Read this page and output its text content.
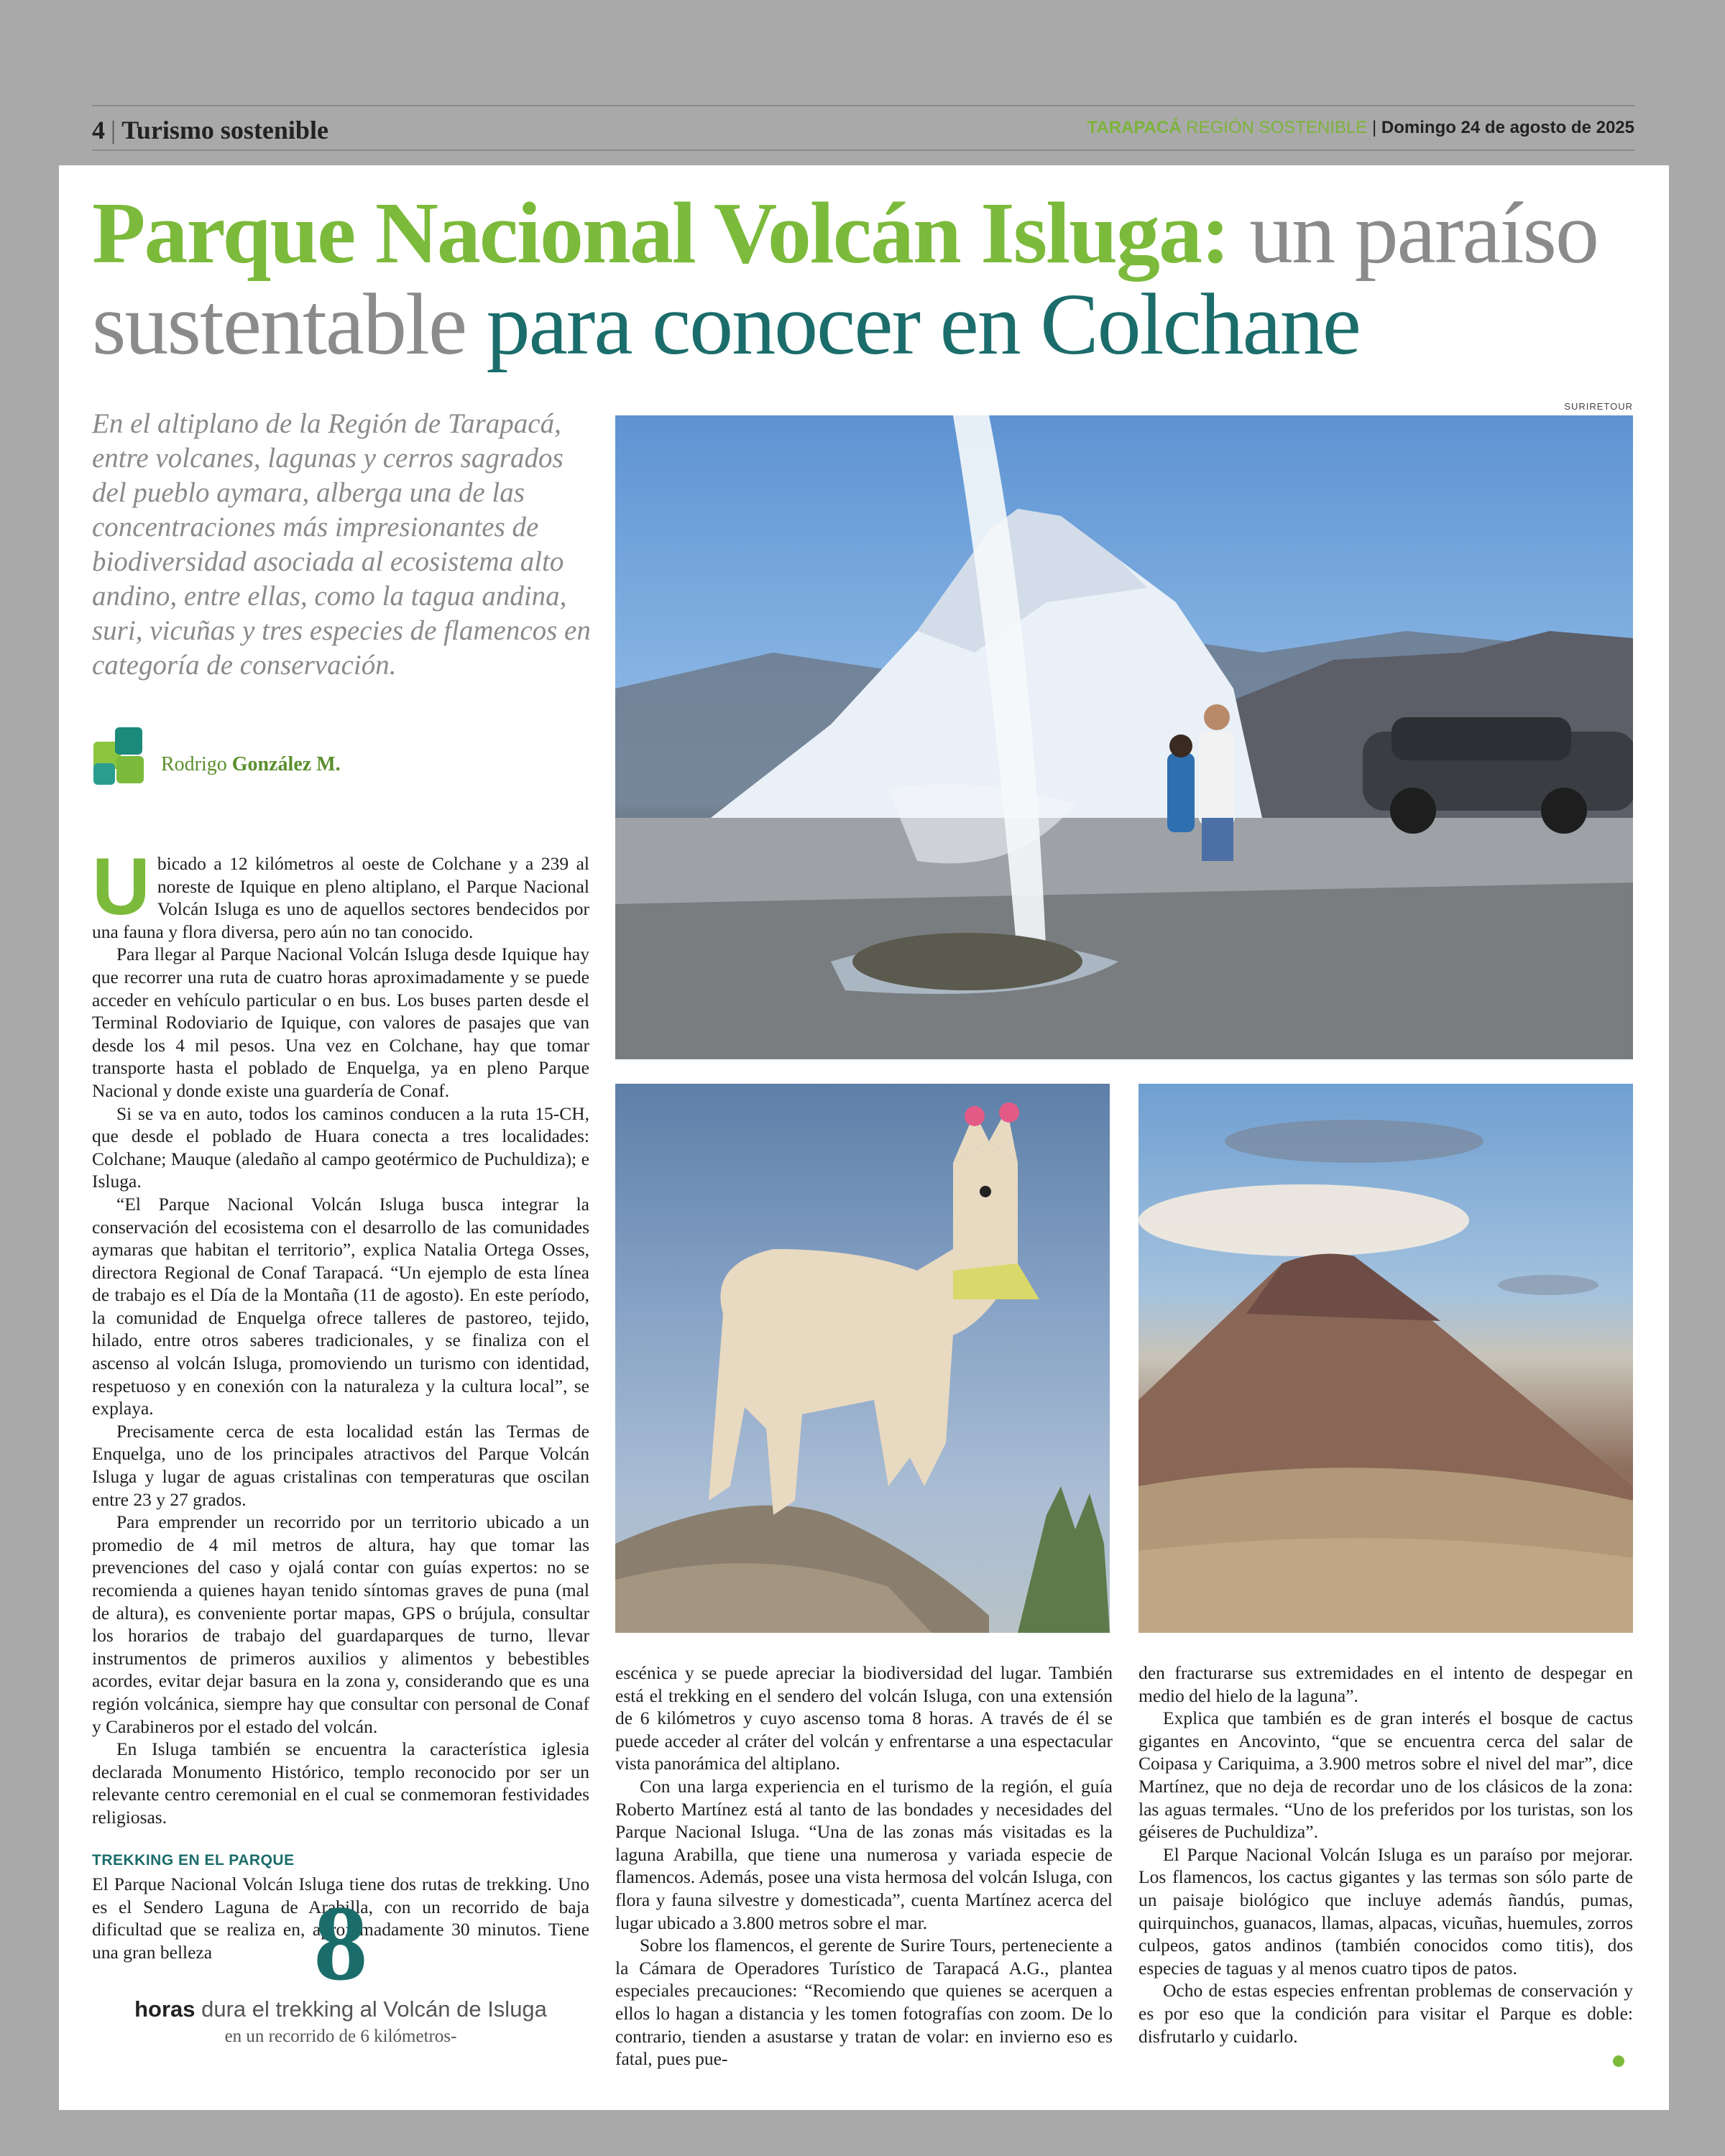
4 | Turismo sostenible	TARAPACÁ REGIÓN SOSTENIBLE | Domingo 24 de agosto de 2025
Parque Nacional Volcán Isluga: un paraíso sustentable para conocer en Colchane
En el altiplano de la Región de Tarapacá, entre volcanes, lagunas y cerros sagrados del pueblo aymara, alberga una de las concentraciones más impresionantes de biodiversidad asociada al ecosistema alto andino, entre ellas, como la tagua andina, suri, vicuñas y tres especies de flamencos en categoría de conservación.
Rodrigo González M.
SURIRETOUR

Ubicado a 12 kilómetros al oeste de Colchane y a 239 al noreste de Iquique en pleno altiplano, el Parque Nacional Volcán Isluga es uno de aquellos sectores bendecidos por una fauna y flora diversa, pero aún no tan conocido.

Para llegar al Parque Nacional Volcán Isluga desde Iquique hay que recorrer una ruta de cuatro horas aproximadamente y se puede acceder en vehículo particular o en bus. Los buses parten desde el Terminal Rodoviario de Iquique, con valores de pasajes que van desde los 4 mil pesos. Una vez en Colchane, hay que tomar transporte hasta el poblado de Enquelga, ya en pleno Parque Nacional y donde existe una guardería de Conaf.

Si se va en auto, todos los caminos conducen a la ruta 15-CH, que desde el poblado de Huara conecta a tres localidades: Colchane; Mauque (aledaño al campo geotérmico de Puchuldiza); e Isluga.

“El Parque Nacional Volcán Isluga busca integrar la conservación del ecosistema con el desarrollo de las comunidades aymaras que habitan el territorio”, explica Natalia Ortega Osses, directora Regional de Conaf Tarapacá. “Un ejemplo de esta línea de trabajo es el Día de la Montaña (11 de agosto). En este período, la comunidad de Enquelga ofrece talleres de pastoreo, tejido, hilado, entre otros saberes tradicionales, y se finaliza con el ascenso al volcán Isluga, promoviendo un turismo con identidad, respetuoso y en conexión con la naturaleza y la cultura local”, se explaya.

Precisamente cerca de esta localidad están las Termas de Enquelga, uno de los principales atractivos del Parque Volcán Isluga y lugar de aguas cristalinas con temperaturas que oscilan entre 23 y 27 grados.

Para emprender un recorrido por un territorio ubicado a un promedio de 4 mil metros de altura, hay que tomar las prevenciones del caso y ojalá contar con guías expertos: no se recomienda a quienes hayan tenido síntomas graves de puna (mal de altura), es conveniente portar mapas, GPS o brújula, consultar los horarios de trabajo del guardaparques de turno, llevar instrumentos de primeros auxilios y alimentos y bebestibles acordes, evitar dejar basura en la zona y, considerando que es una región volcánica, siempre hay que consultar con personal de Conaf y Carabineros por el estado del volcán.

En Isluga también se encuentra la característica iglesia declarada Monumento Histórico, templo reconocido por ser un relevante centro ceremonial en el cual se conmemoran festividades religiosas.

TREKKING EN EL PARQUE

El Parque Nacional Volcán Isluga tiene dos rutas de trekking. Uno es el Sendero Laguna de Arabilla, con un recorrido de baja dificultad que se realiza en, aproximadamente 30 minutos. Tiene una gran belleza 8
horas dura el trekking al Volcán de Isluga
en un recorrido de 6 kilómetros-

escénica y se puede apreciar la biodiversidad del lugar. También está el trekking en el sendero del volcán Isluga, con una extensión de 6 kilómetros y cuyo ascenso toma 8 horas. A través de él se puede acceder al cráter del volcán y enfrentarse a una espectacular vista panorámica del altiplano.

Con una larga experiencia en el turismo de la región, el guía Roberto Martínez está al tanto de las bondades y necesidades del Parque Nacional Isluga. “Una de las zonas más visitadas es la laguna Arabilla, que tiene una numerosa y variada especie de flamencos. Además, posee una vista hermosa del volcán Isluga, con flora y fauna silvestre y domesticada”, cuenta Martínez acerca del lugar ubicado a 3.800 metros sobre el mar.

Sobre los flamencos, el gerente de Surire Tours, perteneciente a la Cámara de Operadores Turístico de Tarapacá A.G., plantea especiales precauciones: “Recomiendo que quienes se acerquen a ellos lo hagan a distancia y les tomen fotografías con zoom. De lo contrario, tienden a asustarse y tratan de volar: en invierno eso es fatal, pues pue-

den fracturarse sus extremidades en el intento de despegar en medio del hielo de la laguna”.

Explica que también es de gran interés el bosque de cactus gigantes en Ancovinto, “que se encuentra cerca del salar de Coipasa y Cariquima, a 3.900 metros sobre el nivel del mar”, dice Martínez, que no deja de recordar uno de los clásicos de la zona: las aguas termales. “Uno de los preferidos por los turistas, son los géiseres de Puchuldiza”.

El Parque Nacional Volcán Isluga es un paraíso por mejorar. Los flamencos, los cactus gigantes y las termas son sólo parte de un paisaje biológico que incluye además ñandús, pumas, quirquinchos, guanacos, llamas, alpacas, vicuñas, huemules, zorros culpeos, gatos andinos (también conocidos como titis), dos especies de taguas y al menos cuatro tipos de patos.

Ocho de estas especies enfrentan problemas de conservación y es por eso que la condición para visitar el Parque es doble: disfrutarlo y cuidarlo.
